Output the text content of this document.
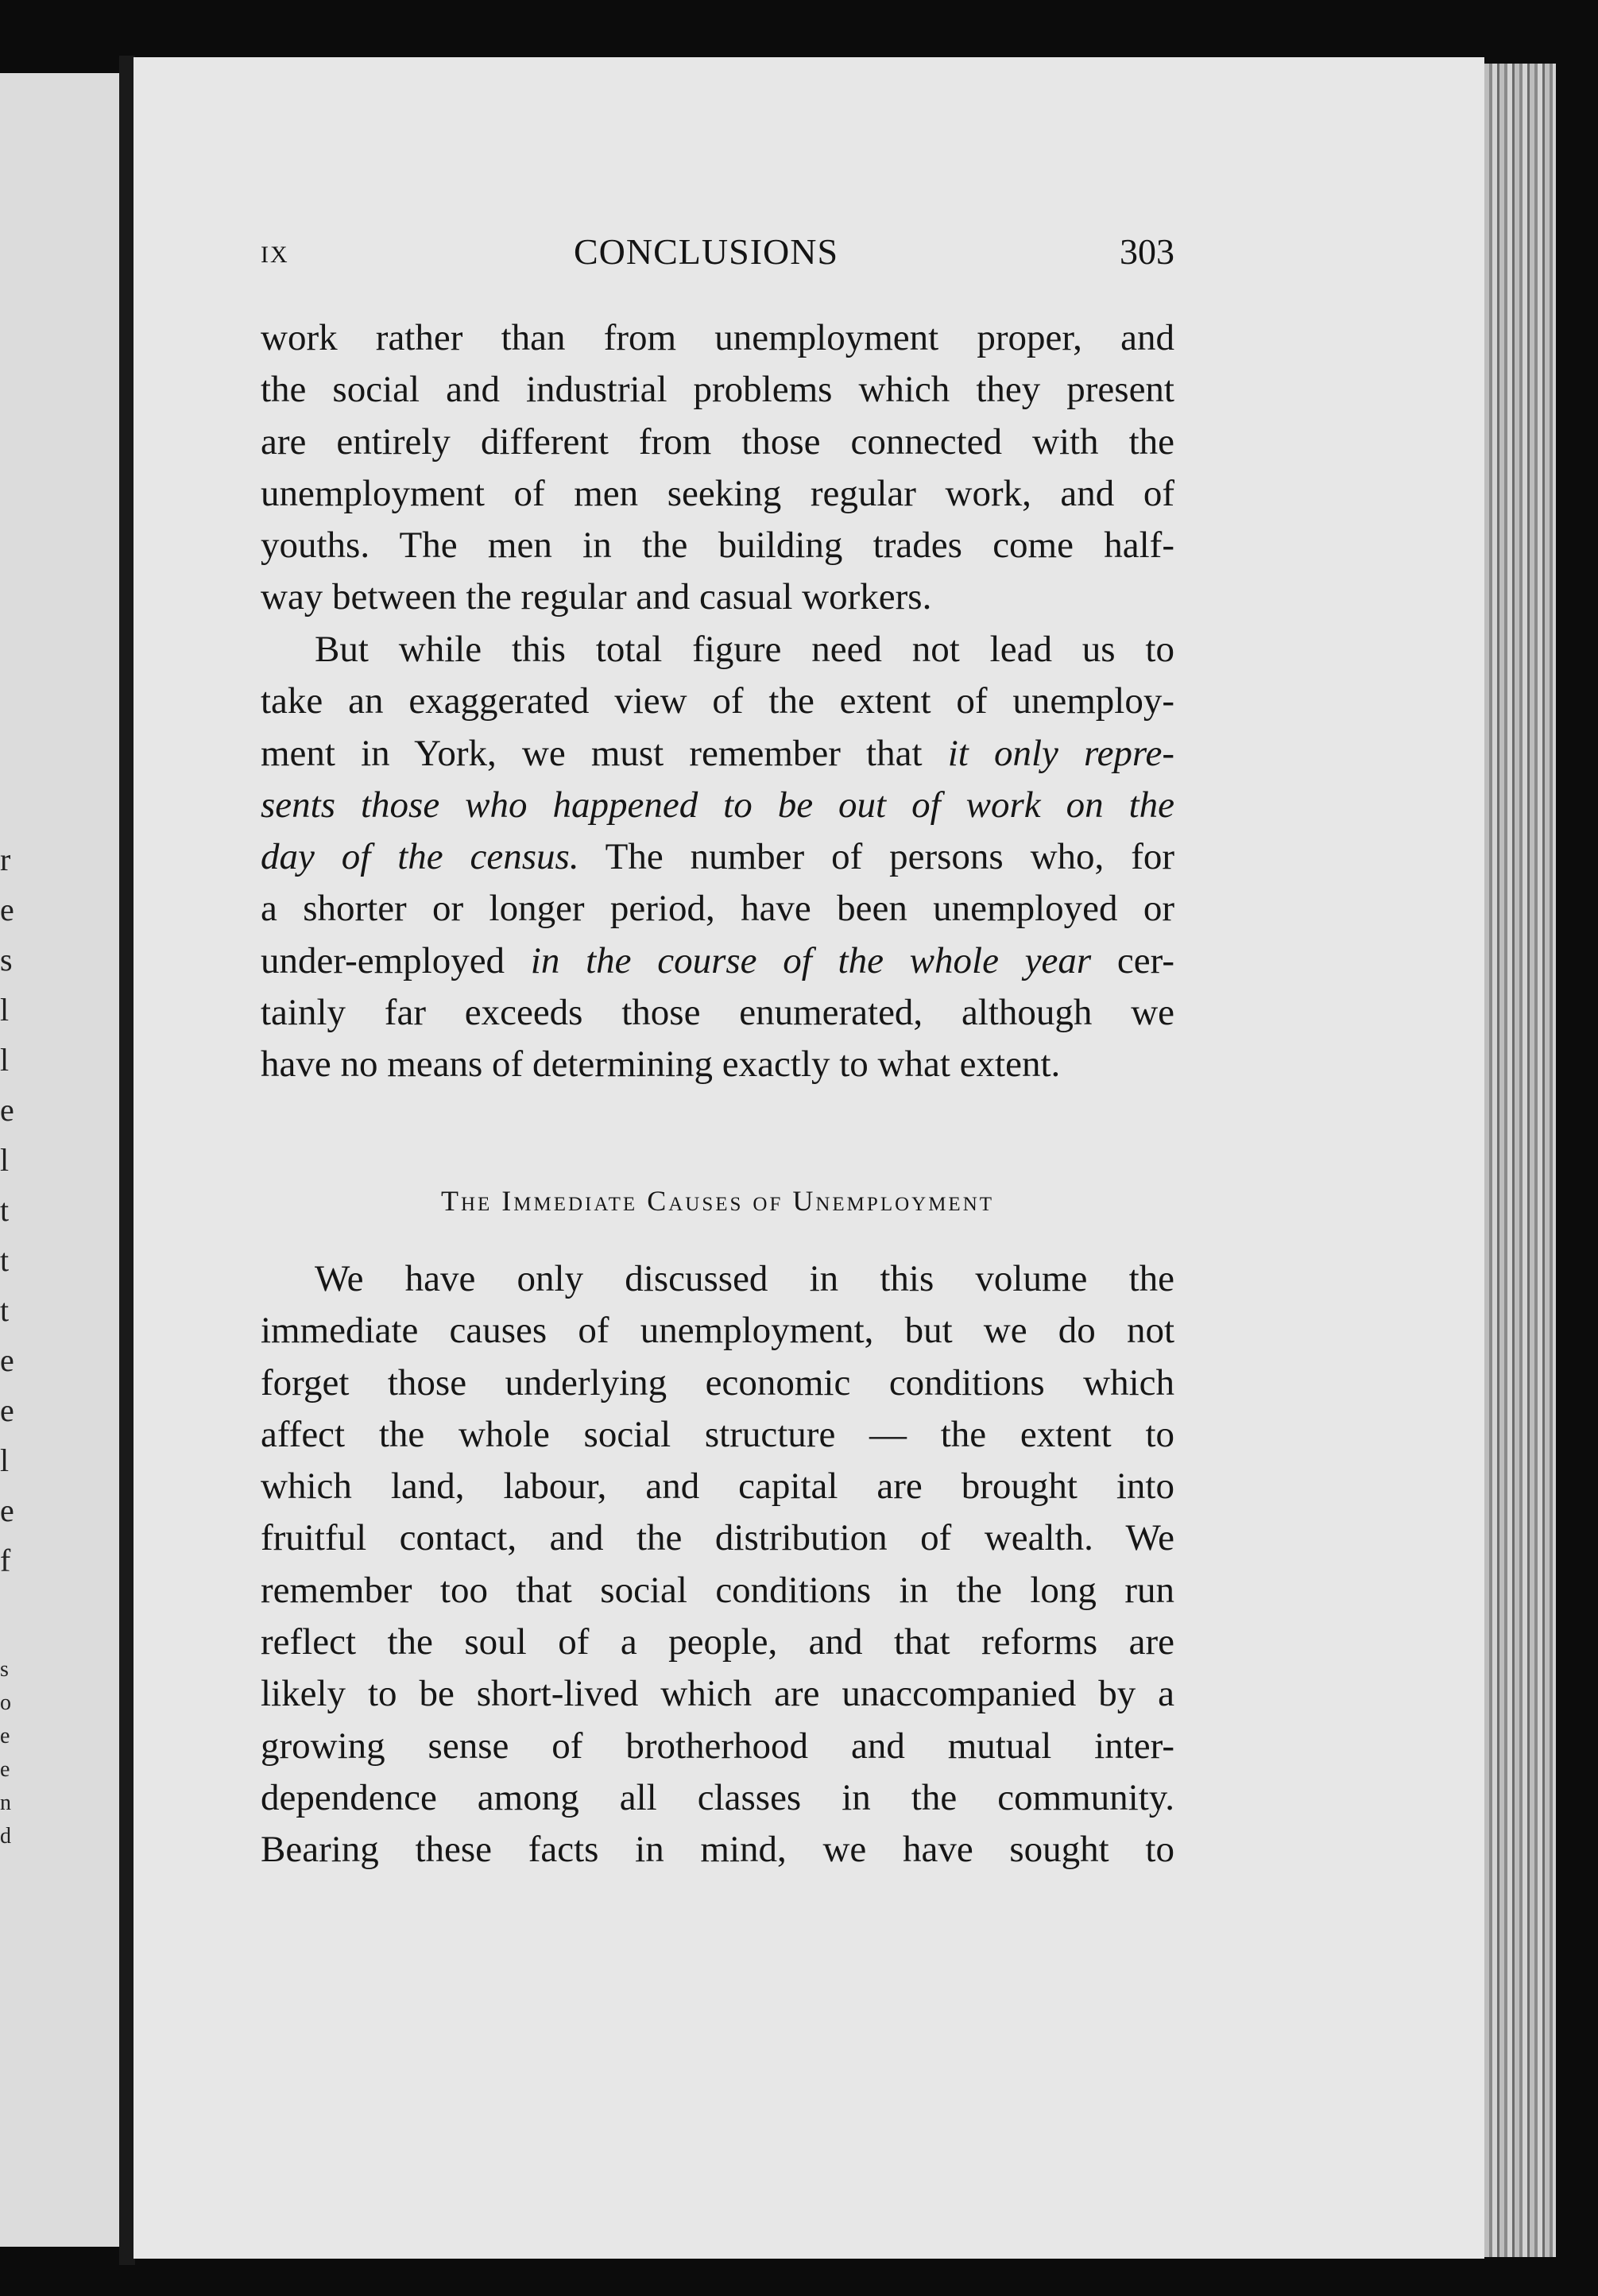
r
e
s
l
l
e
l
t
t
t
e
e
l
e
f
s
o
e
e
n
d
IX	CONCLUSIONS	303
work rather than from unemployment proper, and
the social and industrial problems which they present
are entirely different from those connected with the
unemployment of men seeking regular work, and of
youths. The men in the building trades come half-
way between the regular and casual workers.
But while this total figure need not lead us to
take an exaggerated view of the extent of unemploy-
ment in York, we must remember that it only repre-
sents those who happened to be out of work on the
day of the census. The number of persons who, for
a shorter or longer period, have been unemployed or
under-employed in the course of the whole year cer-
tainly far exceeds those enumerated, although we
have no means of determining exactly to what extent.
The Immediate Causes of Unemployment
We have only discussed in this volume the
immediate causes of unemployment, but we do not
forget those underlying economic conditions which
affect the whole social structure — the extent to
which land, labour, and capital are brought into
fruitful contact, and the distribution of wealth. We
remember too that social conditions in the long run
reflect the soul of a people, and that reforms are
likely to be short-lived which are unaccompanied by a
growing sense of brotherhood and mutual inter-
dependence among all classes in the community.
Bearing these facts in mind, we have sought to
